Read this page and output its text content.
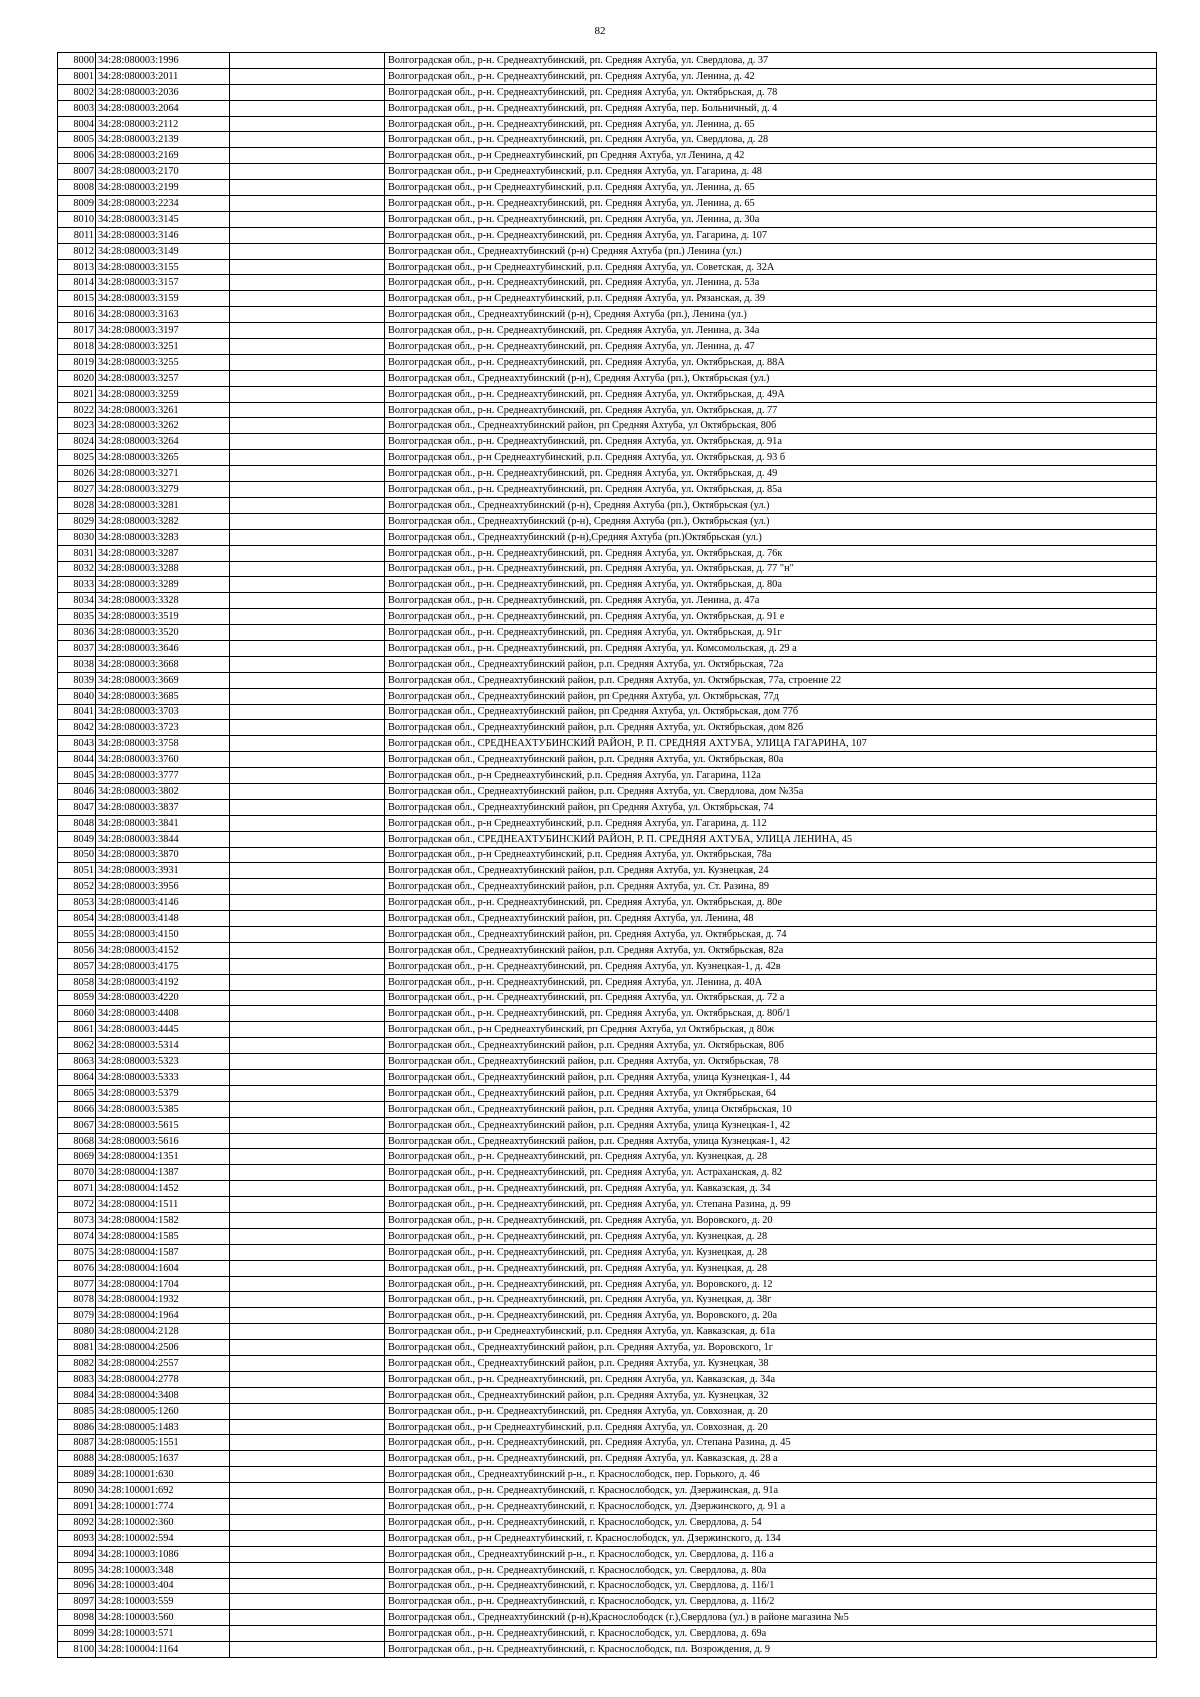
82
8000	34:28:080003:1996		Волгоградская обл., р-н. Среднеахтубинский, рп. Средняя Ахтуба, ул. Свердлова, д. 37
8001	34:28:080003:2011		Волгоградская обл., р-н. Среднеахтубинский, рп. Средняя Ахтуба, ул. Ленина, д. 42
8002	34:28:080003:2036		Волгоградская обл., р-н. Среднеахтубинский, рп. Средняя Ахтуба, ул. Октябрьская, д. 78
8003	34:28:080003:2064		Волгоградская обл., р-н. Среднеахтубинский, рп. Средняя Ахтуба, пер. Больничный, д. 4
8004	34:28:080003:2112		Волгоградская обл., р-н. Среднеахтубинский, рп. Средняя Ахтуба, ул. Ленина, д. 65
8005	34:28:080003:2139		Волгоградская обл., р-н. Среднеахтубинский, рп. Средняя Ахтуба, ул. Свердлова, д. 28
8006	34:28:080003:2169		Волгоградская обл., р-н Среднеахтубинский, рп Средняя Ахтуба, ул Ленина, д 42
8007	34:28:080003:2170		Волгоградская обл., р-н Среднеахтубинский, р.п. Средняя Ахтуба, ул. Гагарина, д. 48
8008	34:28:080003:2199		Волгоградская обл., р-н Среднеахтубинский, р.п. Средняя Ахтуба, ул. Ленина, д. 65
8009	34:28:080003:2234		Волгоградская обл., р-н. Среднеахтубинский, рп. Средняя Ахтуба, ул. Ленина, д. 65
8010	34:28:080003:3145		Волгоградская обл., р-н. Среднеахтубинский, рп. Средняя Ахтуба, ул. Ленина, д. 30а
8011	34:28:080003:3146		Волгоградская обл., р-н. Среднеахтубинский, рп. Средняя Ахтуба, ул. Гагарина, д. 107
8012	34:28:080003:3149		Волгоградская обл., Среднеахтубинский (р-н) Средняя Ахтуба (рп.) Ленина (ул.)
8013	34:28:080003:3155		Волгоградская обл., р-н Среднеахтубинский, р.п. Средняя Ахтуба, ул. Советская, д. 32А
8014	34:28:080003:3157		Волгоградская обл., р-н. Среднеахтубинский, рп. Средняя Ахтуба, ул. Ленина, д. 53а
8015	34:28:080003:3159		Волгоградская обл., р-н Среднеахтубинский, р.п. Средняя Ахтуба, ул. Рязанская, д. 39
8016	34:28:080003:3163		Волгоградская обл., Среднеахтубинский (р-н), Средняя Ахтуба (рп.), Ленина (ул.)
8017	34:28:080003:3197		Волгоградская обл., р-н. Среднеахтубинский, рп. Средняя Ахтуба, ул. Ленина, д. 34а
8018	34:28:080003:3251		Волгоградская обл., р-н. Среднеахтубинский, рп. Средняя Ахтуба, ул. Ленина, д. 47
8019	34:28:080003:3255		Волгоградская обл., р-н. Среднеахтубинский, рп. Средняя Ахтуба, ул. Октябрьская, д. 88А
8020	34:28:080003:3257		Волгоградская обл., Среднеахтубинский (р-н), Средняя Ахтуба (рп.), Октябрьская (ул.)
8021	34:28:080003:3259		Волгоградская обл., р-н. Среднеахтубинский, рп. Средняя Ахтуба, ул. Октябрьская, д. 49А
8022	34:28:080003:3261		Волгоградская обл., р-н. Среднеахтубинский, рп. Средняя Ахтуба, ул. Октябрьская, д. 77
8023	34:28:080003:3262		Волгоградская обл., Среднеахтубинский район, рп Средняя Ахтуба, ул Октябрьская, 80б
8024	34:28:080003:3264		Волгоградская обл., р-н. Среднеахтубинский, рп. Средняя Ахтуба, ул. Октябрьская, д. 91а
8025	34:28:080003:3265		Волгоградская обл., р-н Среднеахтубинский, р.п. Средняя Ахтуба, ул. Октябрьская, д. 93 б
8026	34:28:080003:3271		Волгоградская обл., р-н. Среднеахтубинский, рп. Средняя Ахтуба, ул. Октябрьская, д. 49
8027	34:28:080003:3279		Волгоградская обл., р-н. Среднеахтубинский, рп. Средняя Ахтуба, ул. Октябрьская, д. 85а
8028	34:28:080003:3281		Волгоградская обл., Среднеахтубинский (р-н), Средняя Ахтуба (рп.), Октябрьская (ул.)
8029	34:28:080003:3282		Волгоградская обл., Среднеахтубинский (р-н), Средняя Ахтуба (рп.), Октябрьская (ул.)
8030	34:28:080003:3283		Волгоградская обл., Среднеахтубинский (р-н),Средняя Ахтуба (рп.)Октябрьская (ул.)
8031	34:28:080003:3287		Волгоградская обл., р-н. Среднеахтубинский, рп. Средняя Ахтуба, ул. Октябрьская, д. 76к
8032	34:28:080003:3288		Волгоградская обл., р-н. Среднеахтубинский, рп. Средняя Ахтуба, ул. Октябрьская, д. 77 "н"
8033	34:28:080003:3289		Волгоградская обл., р-н. Среднеахтубинский, рп. Средняя Ахтуба, ул. Октябрьская, д. 80а
8034	34:28:080003:3328		Волгоградская обл., р-н. Среднеахтубинский, рп. Средняя Ахтуба, ул. Ленина, д. 47а
8035	34:28:080003:3519		Волгоградская обл., р-н. Среднеахтубинский, рп. Средняя Ахтуба, ул. Октябрьская, д. 91 е
8036	34:28:080003:3520		Волгоградская обл., р-н. Среднеахтубинский, рп. Средняя Ахтуба, ул. Октябрьская, д. 91г
8037	34:28:080003:3646		Волгоградская обл., р-н. Среднеахтубинский, рп. Средняя Ахтуба, ул. Комсомольская, д. 29 а
8038	34:28:080003:3668		Волгоградская обл., Среднеахтубинский район, р.п. Средняя Ахтуба, ул. Октябрьская, 72а
8039	34:28:080003:3669		Волгоградская обл., Среднеахтубинский район, р.п. Средняя Ахтуба, ул. Октябрьская, 77а, строение 22
8040	34:28:080003:3685		Волгоградская обл., Среднеахтубинский район, рп Средняя Ахтуба, ул. Октябрьская, 77д
8041	34:28:080003:3703		Волгоградская обл., Среднеахтубинский район, рп Средняя Ахтуба, ул. Октябрьская, дом 77б
8042	34:28:080003:3723		Волгоградская обл., Среднеахтубинский район, р.п. Средняя Ахтуба, ул. Октябрьская, дом 82б
8043	34:28:080003:3758		Волгоградская обл., СРЕДНЕАХТУБИНСКИЙ РАЙОН, Р. П. СРЕДНЯЯ АХТУБА, УЛИЦА ГАГАРИНА, 107
8044	34:28:080003:3760		Волгоградская обл., Среднеахтубинский район, р.п. Средняя Ахтуба, ул. Октябрьская, 80а
8045	34:28:080003:3777		Волгоградская обл., р-н Среднеахтубинский, р.п. Средняя Ахтуба, ул. Гагарина, 112а
8046	34:28:080003:3802		Волгоградская обл., Среднеахтубинский район, р.п. Средняя Ахтуба, ул. Свердлова, дом №35а
8047	34:28:080003:3837		Волгоградская обл., Среднеахтубинский район, рп Средняя Ахтуба, ул. Октябрьская, 74
8048	34:28:080003:3841		Волгоградская обл., р-н Среднеахтубинский, р.п. Средняя Ахтуба, ул. Гагарина, д. 112
8049	34:28:080003:3844		Волгоградская обл., СРЕДНЕАХТУБИНСКИЙ РАЙОН, Р. П. СРЕДНЯЯ АХТУБА, УЛИЦА ЛЕНИНА, 45
8050	34:28:080003:3870		Волгоградская обл., р-н Среднеахтубинский, р.п. Средняя Ахтуба, ул. Октябрьская, 78а
8051	34:28:080003:3931		Волгоградская обл., Среднеахтубинский район, р.п. Средняя Ахтуба, ул. Кузнецкая, 24
8052	34:28:080003:3956		Волгоградская обл., Среднеахтубинский район, р.п. Средняя Ахтуба, ул. Ст. Разина, 89
8053	34:28:080003:4146		Волгоградская обл., р-н. Среднеахтубинский, рп. Средняя Ахтуба, ул. Октябрьская, д. 80е
8054	34:28:080003:4148		Волгоградская обл., Среднеахтубинский район, рп. Средняя Ахтуба, ул. Ленина, 48
8055	34:28:080003:4150		Волгоградская обл., Среднеахтубинский район, рп. Средняя Ахтуба, ул. Октябрьская, д. 74
8056	34:28:080003:4152		Волгоградская обл., Среднеахтубинский район, р.п. Средняя Ахтуба, ул. Октябрьская, 82а
8057	34:28:080003:4175		Волгоградская обл., р-н. Среднеахтубинский, рп. Средняя Ахтуба, ул. Кузнецкая-1, д. 42в
8058	34:28:080003:4192		Волгоградская обл., р-н. Среднеахтубинский, рп. Средняя Ахтуба, ул. Ленина, д. 40А
8059	34:28:080003:4220		Волгоградская обл., р-н. Среднеахтубинский, рп. Средняя Ахтуба, ул. Октябрьская, д. 72 а
8060	34:28:080003:4408		Волгоградская обл., р-н. Среднеахтубинский, рп. Средняя Ахтуба, ул. Октябрьская, д. 80б/1
8061	34:28:080003:4445		Волгоградская обл., р-н Среднеахтубинский, рп Средняя Ахтуба, ул Октябрьская, д 80ж
8062	34:28:080003:5314		Волгоградская обл., Среднеахтубинский район, р.п. Средняя Ахтуба, ул. Октябрьская, 80б
8063	34:28:080003:5323		Волгоградская обл., Среднеахтубинский район, р.п. Средняя Ахтуба, ул. Октябрьская, 78
8064	34:28:080003:5333		Волгоградская обл., Среднеахтубинский район, р.п. Средняя Ахтуба, улица Кузнецкая-1, 44
8065	34:28:080003:5379		Волгоградская обл., Среднеахтубинский район, р.п. Средняя Ахтуба, ул Октябрьская, 64
8066	34:28:080003:5385		Волгоградская обл., Среднеахтубинский район, р.п. Средняя Ахтуба, улица Октябрьская, 10
8067	34:28:080003:5615		Волгоградская обл., Среднеахтубинский район, р.п. Средняя Ахтуба, улица Кузнецкая-1, 42
8068	34:28:080003:5616		Волгоградская обл., Среднеахтубинский район, р.п. Средняя Ахтуба, улица Кузнецкая-1, 42
8069	34:28:080004:1351		Волгоградская обл., р-н. Среднеахтубинский, рп. Средняя Ахтуба, ул. Кузнецкая, д. 28
8070	34:28:080004:1387		Волгоградская обл., р-н. Среднеахтубинский, рп. Средняя Ахтуба, ул. Астраханская, д. 82
8071	34:28:080004:1452		Волгоградская обл., р-н. Среднеахтубинский, рп. Средняя Ахтуба, ул. Кавказская, д. 34
8072	34:28:080004:1511		Волгоградская обл., р-н. Среднеахтубинский, рп. Средняя Ахтуба, ул. Степана Разина, д. 99
8073	34:28:080004:1582		Волгоградская обл., р-н. Среднеахтубинский, рп. Средняя Ахтуба, ул. Воровского, д. 20
8074	34:28:080004:1585		Волгоградская обл., р-н. Среднеахтубинский, рп. Средняя Ахтуба, ул. Кузнецкая, д. 28
8075	34:28:080004:1587		Волгоградская обл., р-н. Среднеахтубинский, рп. Средняя Ахтуба, ул. Кузнецкая, д. 28
8076	34:28:080004:1604		Волгоградская обл., р-н. Среднеахтубинский, рп. Средняя Ахтуба, ул. Кузнецкая, д. 28
8077	34:28:080004:1704		Волгоградская обл., р-н. Среднеахтубинский, рп. Средняя Ахтуба, ул. Воровского, д. 12
8078	34:28:080004:1932		Волгоградская обл., р-н. Среднеахтубинский, рп. Средняя Ахтуба, ул. Кузнецкая, д. 38г
8079	34:28:080004:1964		Волгоградская обл., р-н. Среднеахтубинский, рп. Средняя Ахтуба, ул. Воровского, д. 20а
8080	34:28:080004:2128		Волгоградская обл., р-н Среднеахтубинский, р.п. Средняя Ахтуба, ул. Кавказская, д. 61а
8081	34:28:080004:2506		Волгоградская обл., Среднеахтубинский район, р.п. Средняя Ахтуба, ул. Воровского, 1г
8082	34:28:080004:2557		Волгоградская обл., Среднеахтубинский район, р.п. Средняя Ахтуба, ул. Кузнецкая, 38
8083	34:28:080004:2778		Волгоградская обл., р-н. Среднеахтубинский, рп. Средняя Ахтуба, ул. Кавказская, д. 34а
8084	34:28:080004:3408		Волгоградская обл., Среднеахтубинский район, р.п. Средняя Ахтуба, ул. Кузнецкая, 32
8085	34:28:080005:1260		Волгоградская обл., р-н. Среднеахтубинский, рп. Средняя Ахтуба, ул. Совхозная, д. 20
8086	34:28:080005:1483		Волгоградская обл., р-н Среднеахтубинский, р.п. Средняя Ахтуба, ул. Совхозная, д. 20
8087	34:28:080005:1551		Волгоградская обл., р-н. Среднеахтубинский, рп. Средняя Ахтуба, ул. Степана Разина, д. 45
8088	34:28:080005:1637		Волгоградская обл., р-н. Среднеахтубинский, рп. Средняя Ахтуба, ул. Кавказская, д. 28 а
8089	34:28:100001:630		Волгоградская обл., Среднеахтубинский р-н., г. Краснослободск, пер. Горького, д. 46
8090	34:28:100001:692		Волгоградская обл., р-н. Среднеахтубинский, г. Краснослободск, ул. Дзержинская, д. 91а
8091	34:28:100001:774		Волгоградская обл., р-н. Среднеахтубинский, г. Краснослободск, ул. Дзержинского, д. 91 а
8092	34:28:100002:360		Волгоградская обл., р-н. Среднеахтубинский, г. Краснослободск, ул. Свердлова, д. 54
8093	34:28:100002:594		Волгоградская обл., р-н Среднеахтубинский, г. Краснослободск, ул. Дзержинского, д. 134
8094	34:28:100003:1086		Волгоградская обл., Среднеахтубинский р-н., г. Краснослободск, ул. Свердлова, д. 116 а
8095	34:28:100003:348		Волгоградская обл., р-н. Среднеахтубинский, г. Краснослободск, ул. Свердлова, д. 80а
8096	34:28:100003:404		Волгоградская обл., р-н. Среднеахтубинский, г. Краснослободск, ул. Свердлова, д. 116/1
8097	34:28:100003:559		Волгоградская обл., р-н. Среднеахтубинский, г. Краснослободск, ул. Свердлова, д. 116/2
8098	34:28:100003:560		Волгоградская обл., Среднеахтубинский (р-н),Краснослободск (г.),Свердлова (ул.) в районе магазина №5
8099	34:28:100003:571		Волгоградская обл., р-н. Среднеахтубинский, г. Краснослободск, ул. Свердлова, д. 69а
8100	34:28:100004:1164		Волгоградская обл., р-н. Среднеахтубинский, г. Краснослободск, пл. Возрождения, д. 9
